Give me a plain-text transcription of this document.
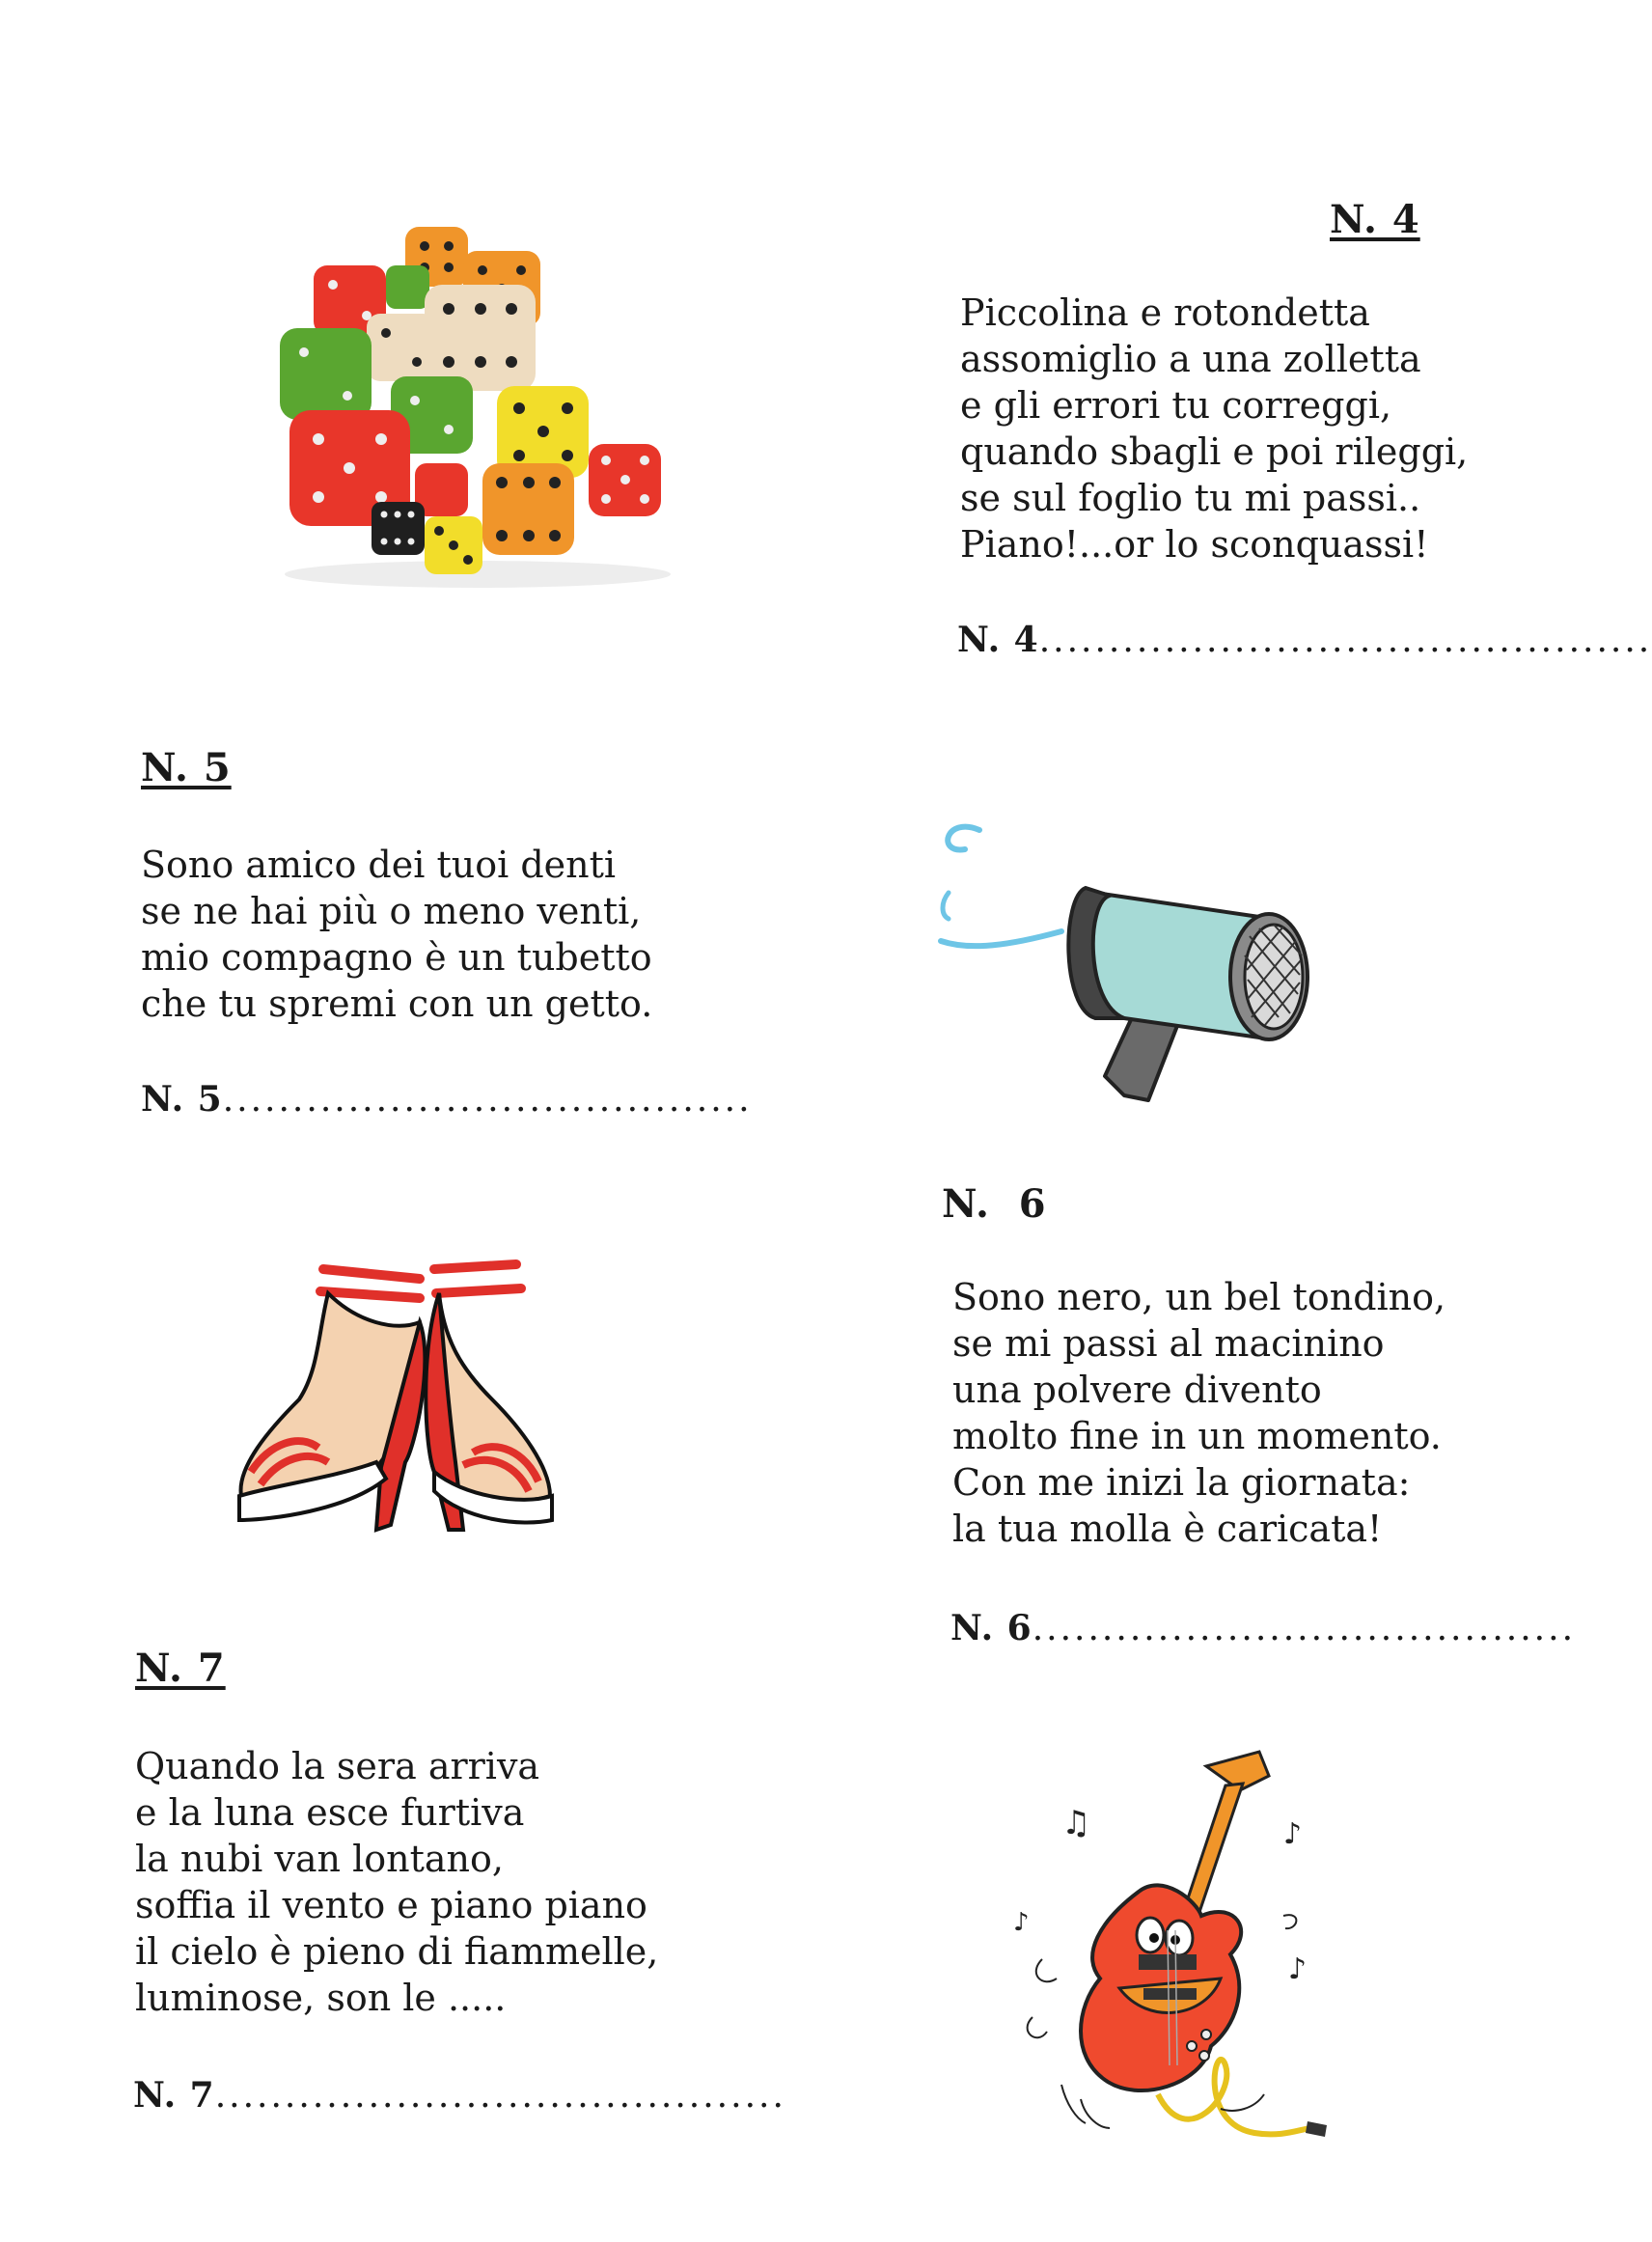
♫	♪
♪
♪
N. 4
Piccolina e rotondetta
assomiglio a una zolletta
e gli errori tu correggi,
quando sbagli e poi rileggi,
se sul foglio tu mi passi..
Piano!...or lo sconquassi!
N. 4............................................
N. 5
Sono amico dei tuoi denti
se ne hai più o meno venti,
mio compagno è un tubetto
che tu spremi con un getto.
N. 5......................................
N.  6
Sono nero, un bel tondino,
se mi passi al macinino
una polvere divento
molto fine in un momento.
Con me inizi la giornata:
la tua molla è caricata!
N. 6.......................................
N. 7
Quando la sera arriva
e la luna esce furtiva
la nubi van lontano,
soffia il vento e piano piano
il cielo è pieno di fiammelle,
luminose, son le .....
N. 7.........................................
